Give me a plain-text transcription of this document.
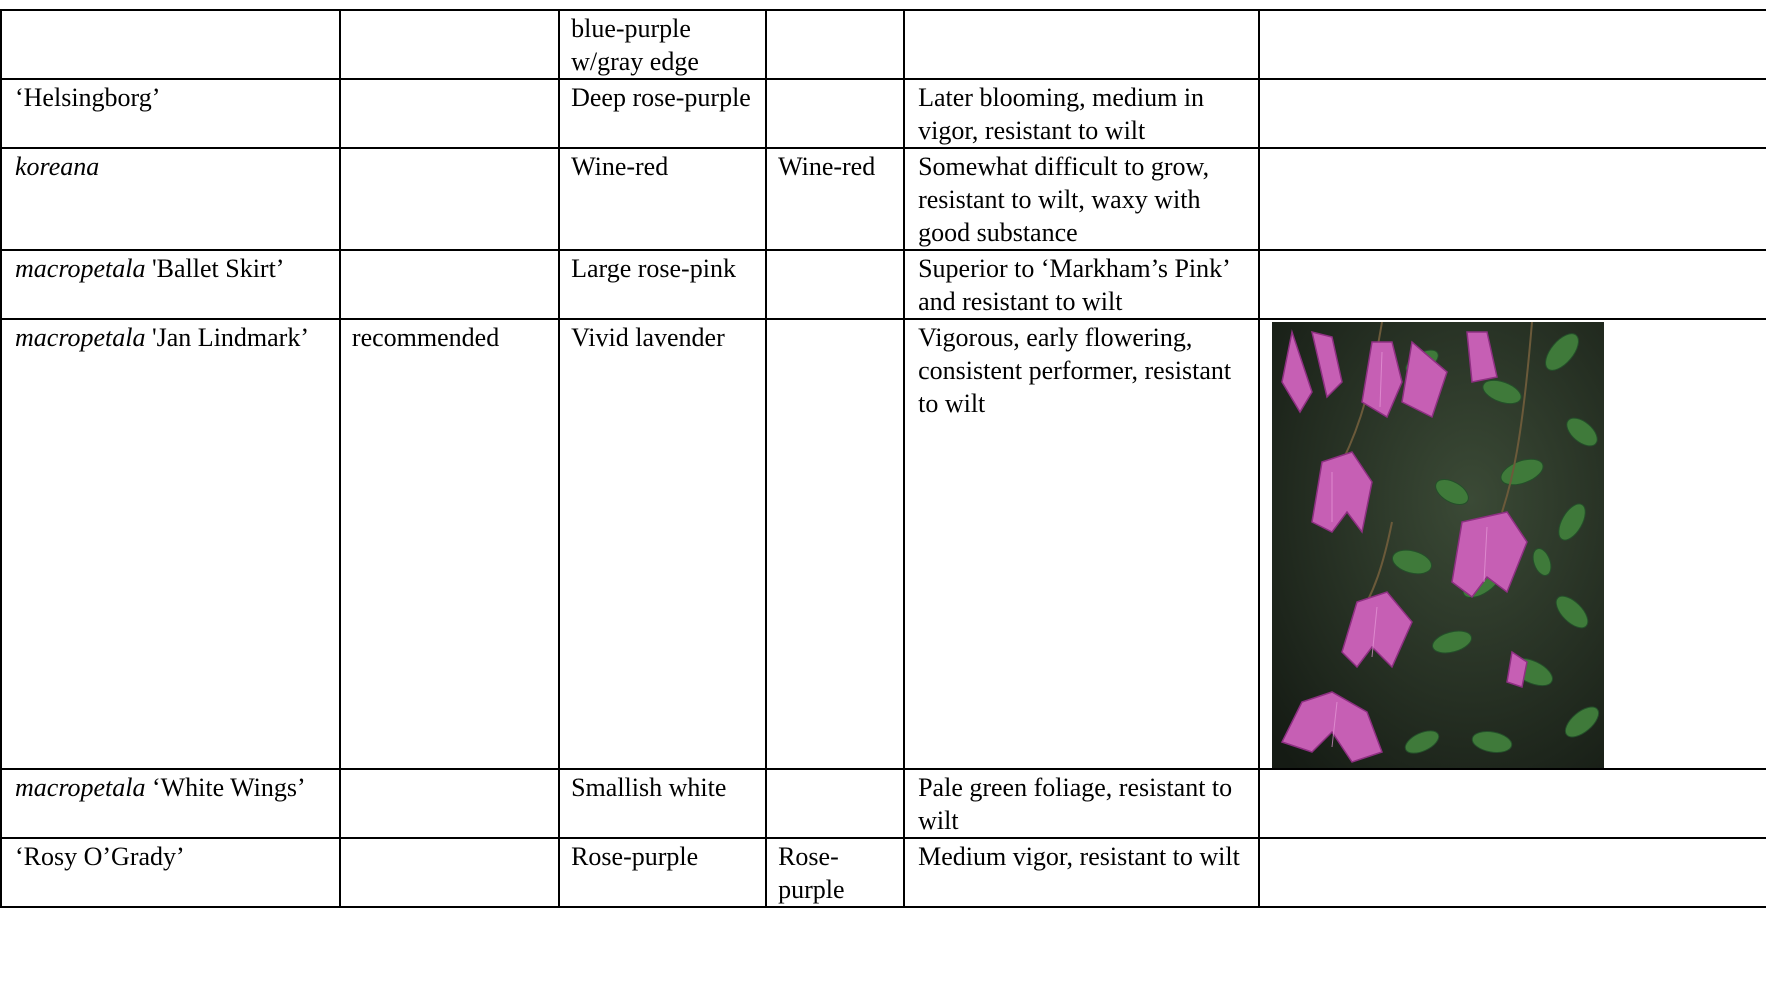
		blue-purple w/gray edge			
‘Helsingborg’		Deep rose-purple		Later blooming, medium in vigor, resistant to wilt	
koreana		Wine-red	Wine-red	Somewhat difficult to grow, resistant to wilt, waxy with good substance	
macropetala 'Ballet Skirt’		Large rose-pink		Superior to ‘Markham’s Pink’ and resistant to wilt	
macropetala 'Jan Lindmark’	recommended	Vivid lavender		Vigorous, early flowering, consistent performer, resistant to wilt	

macropetala ‘White Wings’		Smallish white		Pale green foliage, resistant to wilt	
‘Rosy O’Grady’		Rose-purple	Rose-purple	Medium vigor, resistant to wilt	
